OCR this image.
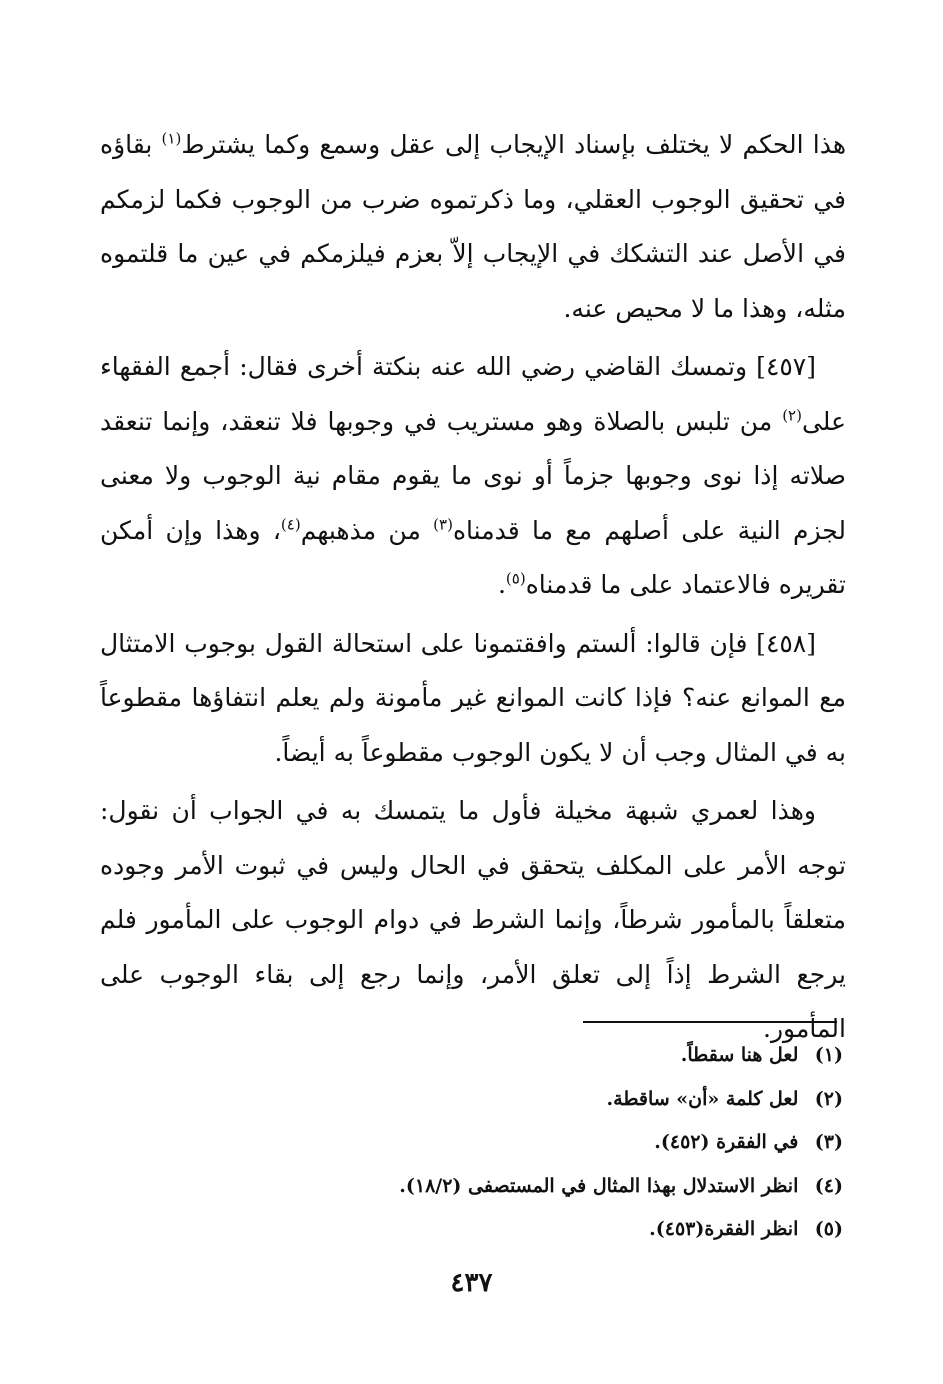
هذا الحكم لا يختلف بإسناد الإيجاب إلى عقل وسمع وكما يشترط$^{(١)}$ بقاؤه في تحقيق الوجوب العقلي، وما ذكرتموه ضرب من الوجوب فكما لزمكم في الأصل عند التشكك في الإيجاب إلاّ بعزم فيلزمكم في عين ما قلتموه مثله، وهذا ما لا محيص عنه.

[٤٥٧] وتمسك القاضي رضي الله عنه بنكتة أخرى فقال: أجمع الفقهاء على$^{(٢)}$ من تلبس بالصلاة وهو مستريب في وجوبها فلا تنعقد، وإنما تنعقد صلاته إذا نوى وجوبها جزماً أو نوى ما يقوم مقام نية الوجوب ولا معنى لجزم النية على أصلهم مع ما قدمناه$^{(٣)}$ من مذهبهم$^{(٤)}$، وهذا وإن أمكن تقريره فالاعتماد على ما قدمناه$^{(٥)}$.

[٤٥٨] فإن قالوا: ألستم وافقتمونا على استحالة القول بوجوب الامتثال مع الموانع عنه؟ فإذا كانت الموانع غير مأمونة ولم يعلم انتفاؤها مقطوعاً به في المثال وجب أن لا يكون الوجوب مقطوعاً به أيضاً.

وهذا لعمري شبهة مخيلة فأول ما يتمسك به في الجواب أن نقول: توجه الأمر على المكلف يتحقق في الحال وليس في ثبوت الأمر وجوده متعلقاً بالمأمور شرطاً، وإنما الشرط في دوام الوجوب على المأمور فلم يرجع الشرط إذاً إلى تعلق الأمر، وإنما رجع إلى بقاء الوجوب على المأمور.

(١) لعل هنا سقطاً.
(٢) لعل كلمة «أن» ساقطة.
(٣) في الفقرة (٤٥٢).
(٤) انظر الاستدلال بهذا المثال في المستصفى (١٨/٢).
(٥) انظر الفقرة(٤٥٣).
٤٣٧
